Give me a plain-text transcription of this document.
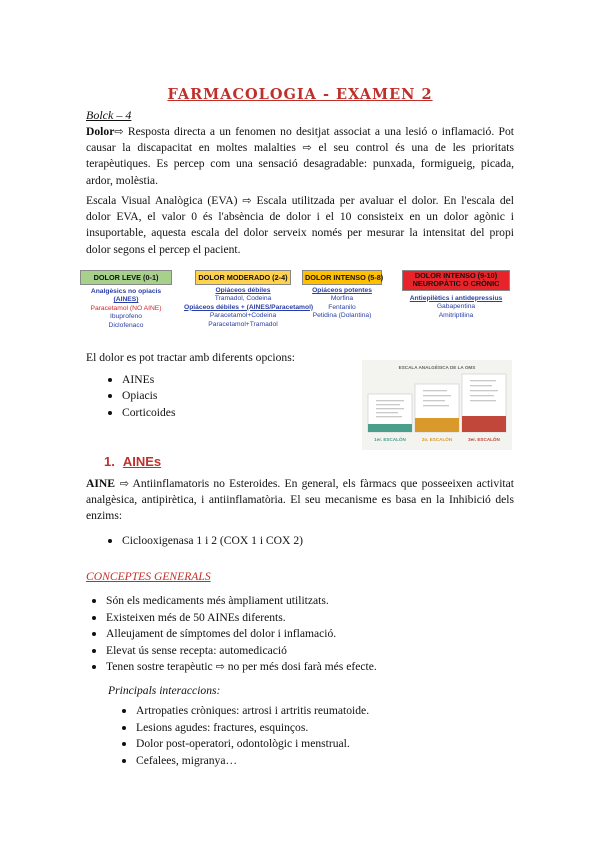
FARMACOLOGIA - EXAMEN 2
Bolck – 4

Dolor⇨ Resposta directa a un fenomen no desitjat associat a una lesió o inflamació. Pot causar la discapacitat en moltes malalties ⇨ el seu control és una de les prioritats terapèutiques. Es percep com una sensació desagradable: punxada, formigueig, picada, ardor, molèstia.

Escala Visual Analògica (EVA) ⇨ Escala utilitzada per avaluar el dolor. En l'escala del dolor EVA, el valor 0 és l'absència de dolor i el 10 consisteix en un dolor agònic i insuportable, aquesta escala del dolor serveix només per mesurar la intensitat del propi dolor segons el percep el pacient.

DOLOR LEVE (0-1)
Analgèsics no opiacis
(AINES)
Paracetamol (NO AINE)
Ibuprofeno
Diclofenaco
DOLOR MODERADO (2-4)
Opiáceos débiles
Tramadol, Codeina
Opiáceos débiles + (AINES/Paracetamol)
Paracetamol+Codeina
Paracetamol+Tramadol
DOLOR INTENSO (5-8)
Opiáceos potentes
Morfina
Fentanilo
Petidina (Dolantina)
DOLOR INTENSO (9-10)
NEUROPÀTIC O CRÒNIC
Antiepilètics i antidepressius
Gabapentina
Amitriptilina

El dolor es pot tractar amb diferents opcions:

AINEs
Opiacis
Corticoides
ESCALA ANALGÉSICA DE LA OMS
1er. ESCALÓN	2o. ESCALÓN	3er. ESCALÓN
1. AINEs

AINE ⇨ Antiinflamatoris no Esteroides. En general, els fàrmacs que posseeixen activitat analgèsica, antipirètica, i antiinflamatòria. El seu mecanisme es basa en la Inhibició dels enzims:

Ciclooxigenasa 1 i 2 (COX 1 i COX 2)
CONCEPTES GENERALS
Són els medicaments més àmpliament utilitzats.
Existeixen més de 50 AINEs diferents.
Alleujament de símptomes del dolor i inflamació.
Elevat ús sense recepta: automedicació
Tenen sostre terapèutic ⇨ no per més dosi farà més efecte.
Principals interaccions:
Artropaties cròniques: artrosi i artritis reumatoide.
Lesions agudes: fractures, esquinços.
Dolor post-operatori, odontològic i menstrual.
Cefalees, migranya…
